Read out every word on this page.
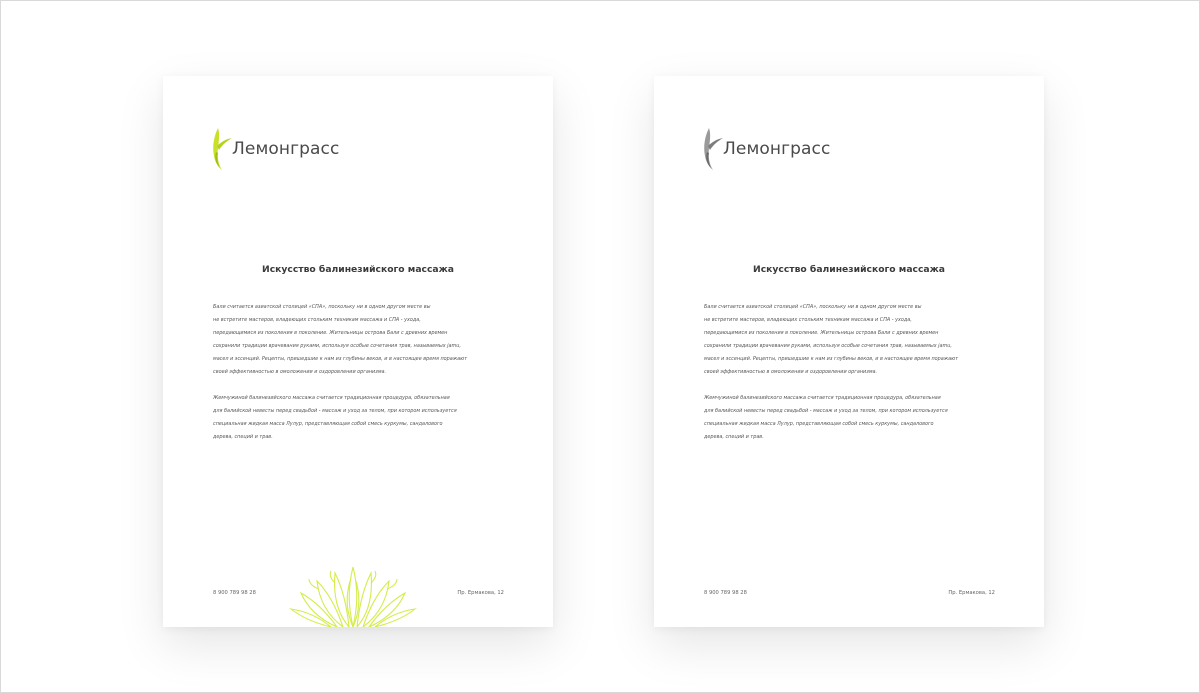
Лемонграсс
Искусство балинезийского массажа
Бали считается азиатской столицей «СПА», поскольку ни в одном другом месте вы
не встретите мастеров, владеющих стольким техникам массажа и СПА - ухода,
передающимися из поколения в поколение. Жительницы острова Бали с древних времен
сохранили традиции врачевания руками, используя особые сочетания трав, называемых jamu,
масел и эссенций. Рецепты, пришедшие к нам из глубины веков, и в настоящее время поражают
своей эффективностью в омоложении и оздоровлении организма.
Жемчужиной балинезийского массажа считается традиционная процедура, обязательная
для балийской невесты перед свадьбой - массаж и уход за телом, при котором используется
специальная жидкая масса Лулур, представляющая собой смесь куркумы, сандалового
дерева, специй и трав.
8 900 789 98 28	Пр. Ермакова, 12
Лемонграсс
Искусство балинезийского массажа
Бали считается азиатской столицей «СПА», поскольку ни в одном другом месте вы
не встретите мастеров, владеющих стольким техникам массажа и СПА - ухода,
передающимися из поколения в поколение. Жительницы острова Бали с древних времен
сохранили традиции врачевания руками, используя особые сочетания трав, называемых jamu,
масел и эссенций. Рецепты, пришедшие к нам из глубины веков, и в настоящее время поражают
своей эффективностью в омоложении и оздоровлении организма.
Жемчужиной балинезийского массажа считается традиционная процедура, обязательная
для балийской невесты перед свадьбой - массаж и уход за телом, при котором используется
специальная жидкая масса Лулур, представляющая собой смесь куркумы, сандалового
дерева, специй и трав.
8 900 789 98 28	Пр. Ермакова, 12
